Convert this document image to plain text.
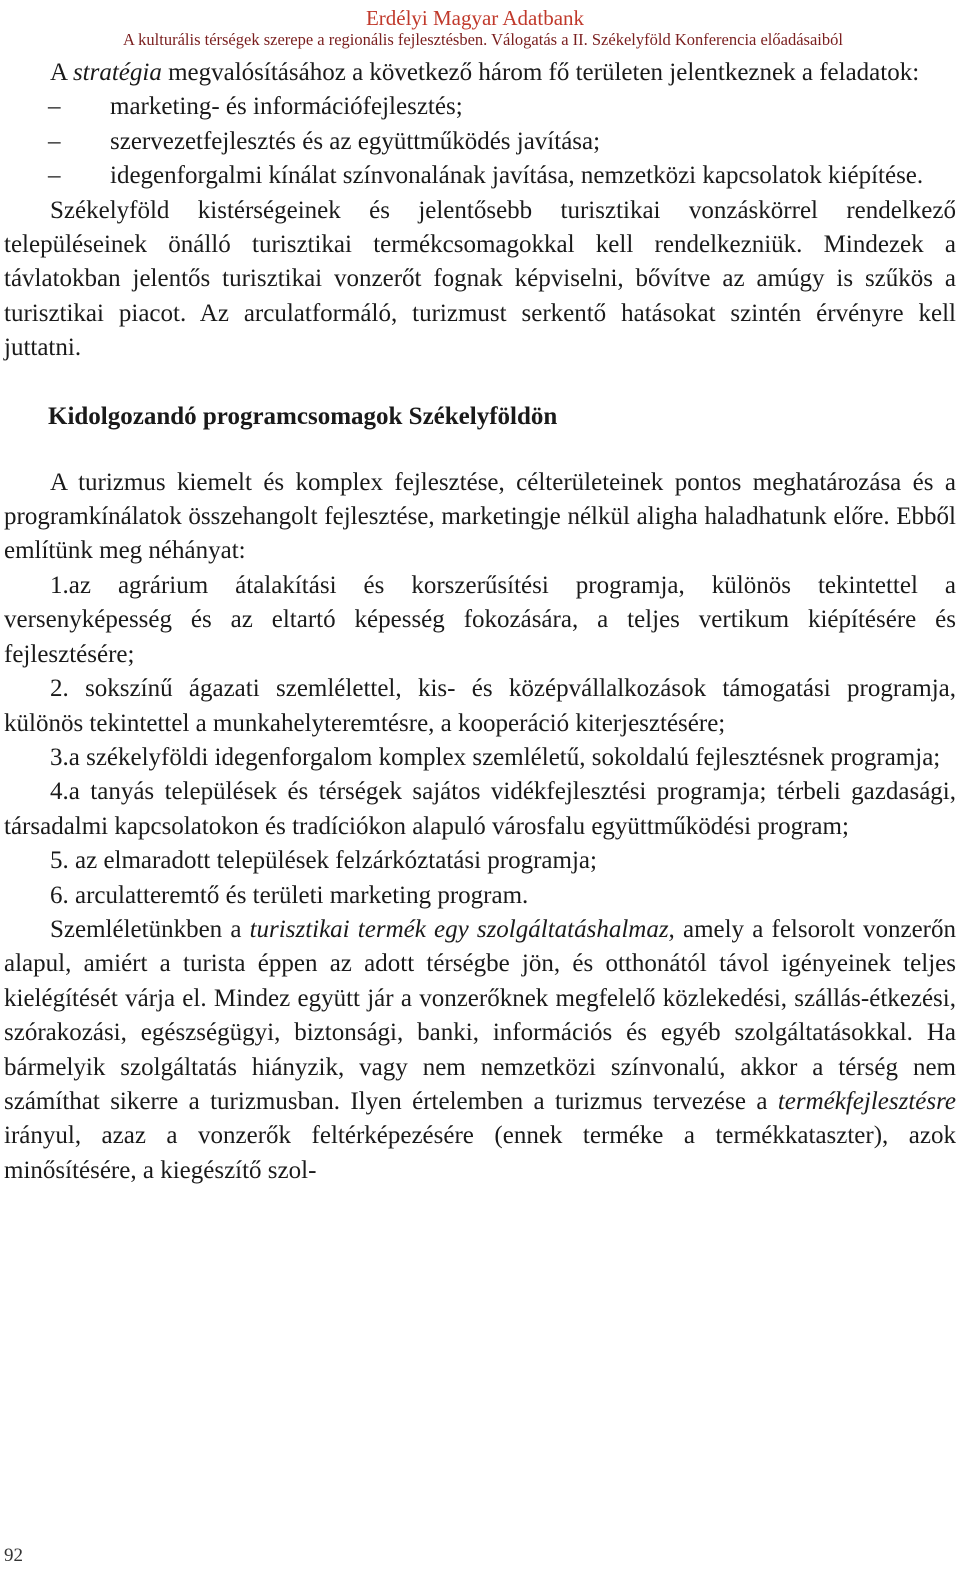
Erdélyi Magyar Adatbank
A kulturális térségek szerepe a regionális fejlesztésben. Válogatás a II. Székelyföld Konferencia előadásaiból

A stratégia megvalósításához a következő három fő területen jelentkeznek a feladatok:

– marketing- és információfejlesztés;

– szervezetfejlesztés és az együttműködés javítása;

– idegenforgalmi kínálat színvonalának javítása, nemzetközi kapcsolatok kiépítése.

Székelyföld kistérségeinek és jelentősebb turisztikai vonzáskörrel rendelkező településeinek önálló turisztikai termékcsomagokkal kell rendelkezniük. Mindezek a távlatokban jelentős turisztikai vonzerőt fognak képviselni, bővítve az amúgy is szűkös a turisztikai piacot. Az arculatformáló, turizmust serkentő hatásokat szintén érvényre kell juttatni.

Kidolgozandó programcsomagok Székelyföldön

A turizmus kiemelt és komplex fejlesztése, célterületeinek pontos meghatározása és a programkínálatok összehangolt fejlesztése, marketingje nélkül aligha haladhatunk előre. Ebből említünk meg néhányat:

1.az agrárium átalakítási és korszerűsítési programja, különös tekintettel a versenyképesség és az eltartó képesség fokozására, a teljes vertikum kiépítésére és fejlesztésére;

2. sokszínű ágazati szemlélettel, kis- és középvállalkozások támogatási programja, különös tekintettel a munkahelyteremtésre, a kooperáció kiterjesztésére;

3.a székelyföldi idegenforgalom komplex szemléletű, sokoldalú fejlesztésnek programja;

4.a tanyás települések és térségek sajátos vidékfejlesztési programja; térbeli gazdasági, társadalmi kapcsolatokon és tradíciókon alapuló városfalu együttműködési program;

5. az elmaradott települések felzárkóztatási programja;

6. arculatteremtő és területi marketing program.

Szemléletünkben a turisztikai termék egy szolgáltatáshalmaz, amely a felsorolt vonzerőn alapul, amiért a turista éppen az adott térségbe jön, és otthonától távol igényeinek teljes kielégítését várja el. Mindez együtt jár a vonzerőknek megfelelő közlekedési, szállás-étkezési, szórakozási, egészségügyi, biztonsági, banki, információs és egyéb szolgáltatásokkal. Ha bármelyik szolgáltatás hiányzik, vagy nem nemzetközi színvonalú, akkor a térség nem számíthat sikerre a turizmusban. Ilyen értelemben a turizmus tervezése a termékfejlesztésre irányul, azaz a vonzerők feltérképezésére (ennek terméke a termékkataszter), azok minősítésére, a kiegészítő szol-

92
